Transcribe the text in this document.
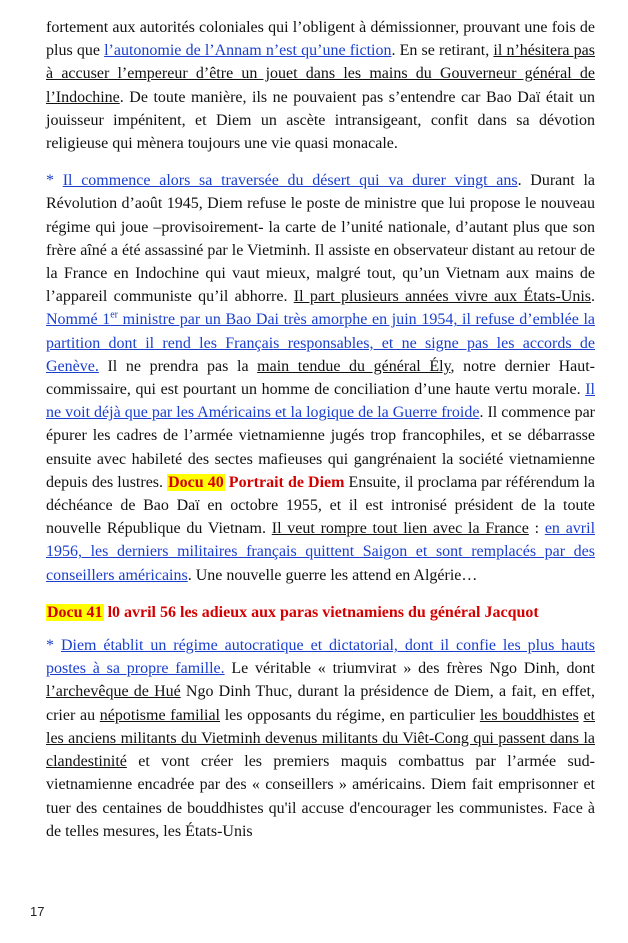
fortement aux autorités coloniales qui l’obligent à démissionner, prouvant une fois de plus que l’autonomie de l’Annam n’est qu’une fiction. En se retirant, il n’hésitera pas à accuser l’empereur d’être un jouet dans les mains du Gouverneur général de l’Indochine. De toute manière, ils ne pouvaient pas s’entendre car Bao Daï était un jouisseur impénitent, et Diem un ascète intransigeant, confit dans sa dévotion religieuse qui mènera toujours une vie quasi monacale.

* Il commence alors sa traversée du désert qui va durer vingt ans. Durant la Révolution d’août 1945, Diem refuse le poste de ministre que lui propose le nouveau régime qui joue –provisoirement- la carte de l’unité nationale, d’autant plus que son frère aîné a été assassiné par le Vietminh. Il assiste en observateur distant au retour de la France en Indochine qui vaut mieux, malgré tout, qu’un Vietnam aux mains de l’appareil communiste qu’il abhorre. Il part plusieurs années vivre aux États-Unis. Nommé 1er ministre par un Bao Dai très amorphe en juin 1954, il refuse d’emblée la partition dont il rend les Français responsables, et ne signe pas les accords de Genève. Il ne prendra pas la main tendue du général Ély, notre dernier Haut-commissaire, qui est pourtant un homme de conciliation d’une haute vertu morale. Il ne voit déjà que par les Américains et la logique de la Guerre froide. Il commence par épurer les cadres de l’armée vietnamienne jugés trop francophiles, et se débarrasse ensuite avec habileté des sectes mafieuses qui gangrénaient la société vietnamienne depuis des lustres. Docu 40 Portrait de Diem Ensuite, il proclama par référendum la déchéance de Bao Daï en octobre 1955, et il est intronisé président de la toute nouvelle République du Vietnam. Il veut rompre tout lien avec la France : en avril 1956, les derniers militaires français quittent Saigon et sont remplacés par des conseillers américains. Une nouvelle guerre les attend en Algérie…

Docu 41 l0 avril 56 les adieux aux paras vietnamiens du général Jacquot

* Diem établit un régime autocratique et dictatorial, dont il confie les plus hauts postes à sa propre famille. Le véritable « triumvirat » des frères Ngo Dinh, dont l’archevêque de Hué Ngo Dinh Thuc, durant la présidence de Diem, a fait, en effet, crier au népotisme familial les opposants du régime, en particulier les bouddhistes et les anciens militants du Vietminh devenus militants du Viêt-Cong qui passent dans la clandestinité et vont créer les premiers maquis combattus par l’armée sud-vietnamienne encadrée par des « conseillers » américains. Diem fait emprisonner et tuer des centaines de bouddhistes qu'il accuse d'encourager les communistes. Face à de telles mesures, les États-Unis

17
